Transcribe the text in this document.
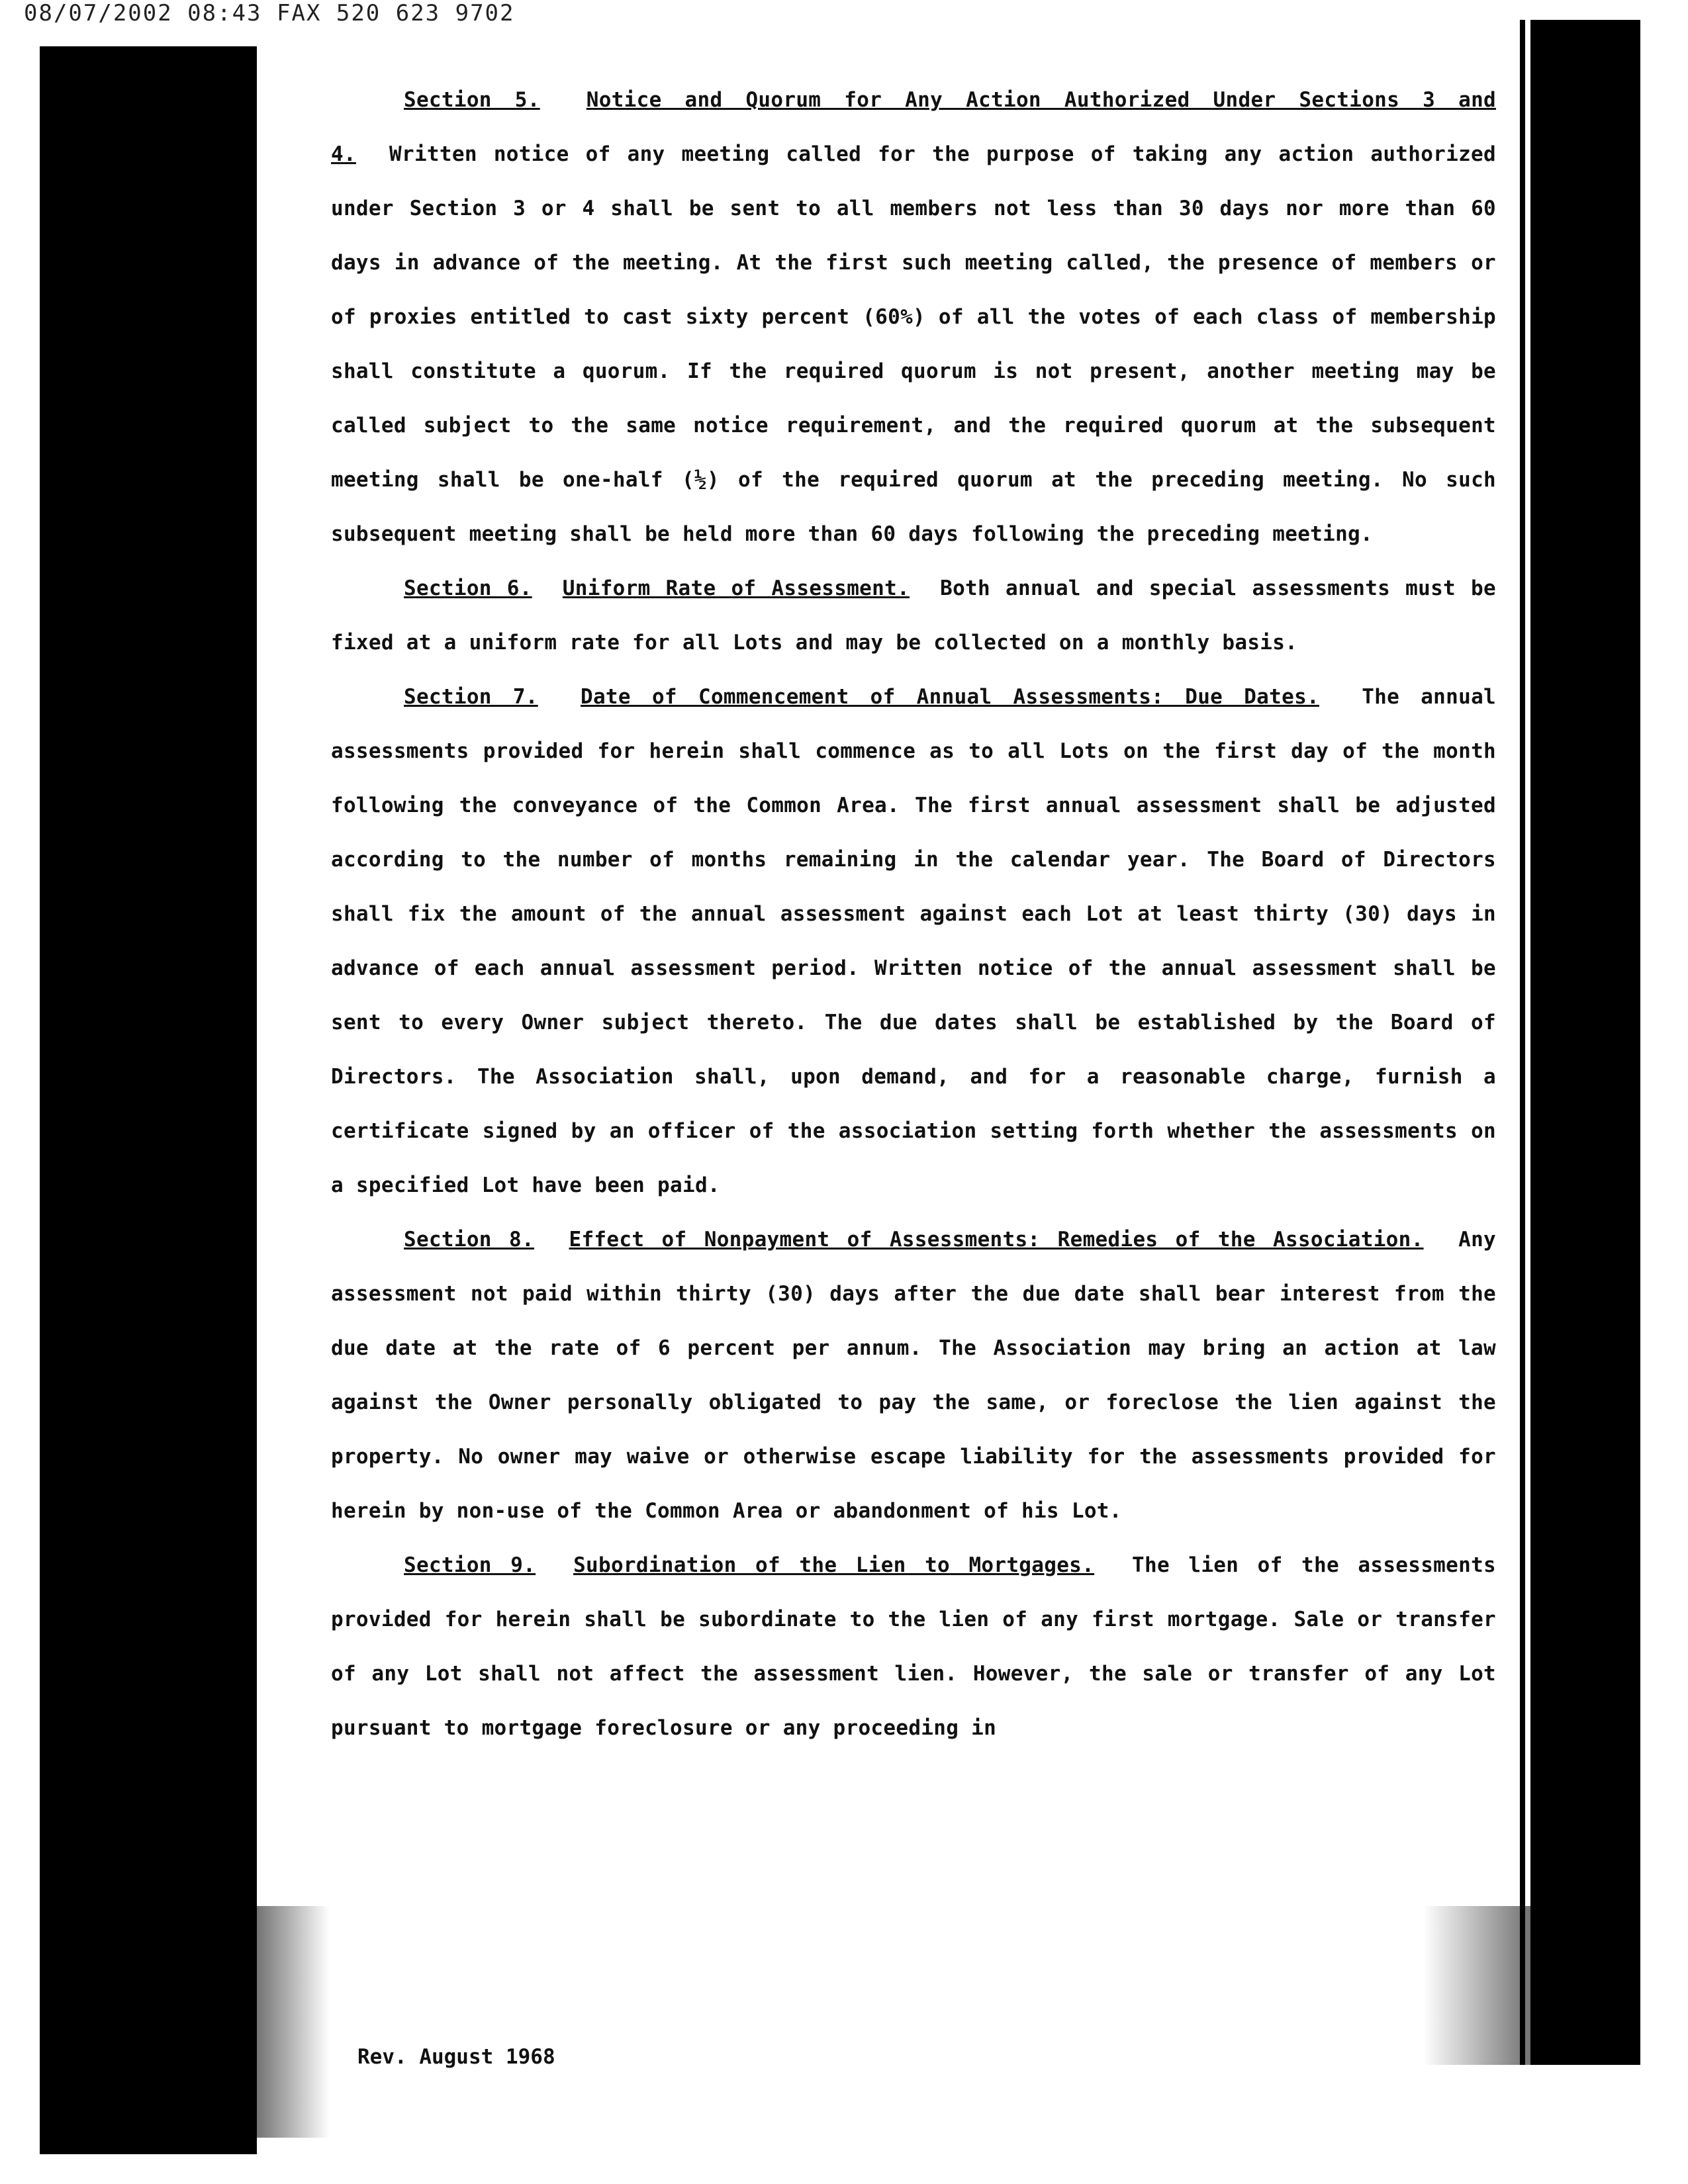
08/07/2002 08:43 FAX 520 623 9702

Section 5. Notice and Quorum for Any Action Authorized Under Sections 3 and 4. Written notice of any meeting called for the purpose of taking any action authorized under Section 3 or 4 shall be sent to all members not less than 30 days nor more than 60 days in advance of the meeting. At the first such meeting called, the presence of members or of proxies entitled to cast sixty percent (60%) of all the votes of each class of membership shall constitute a quorum. If the required quorum is not present, another meeting may be called subject to the same notice requirement, and the required quorum at the subsequent meeting shall be one-half (½) of the required quorum at the preceding meeting. No such subsequent meeting shall be held more than 60 days following the preceding meeting.

Section 6. Uniform Rate of Assessment. Both annual and special assessments must be fixed at a uniform rate for all Lots and may be collected on a monthly basis.

Section 7. Date of Commencement of Annual Assessments: Due Dates. The annual assessments provided for herein shall commence as to all Lots on the first day of the month following the conveyance of the Common Area. The first annual assessment shall be adjusted according to the number of months remaining in the calendar year. The Board of Directors shall fix the amount of the annual assessment against each Lot at least thirty (30) days in advance of each annual assessment period. Written notice of the annual assessment shall be sent to every Owner subject thereto. The due dates shall be established by the Board of Directors. The Association shall, upon demand, and for a reasonable charge, furnish a certificate signed by an officer of the association setting forth whether the assessments on a specified Lot have been paid.

Section 8. Effect of Nonpayment of Assessments: Remedies of the Association. Any assessment not paid within thirty (30) days after the due date shall bear interest from the due date at the rate of 6 percent per annum. The Association may bring an action at law against the Owner personally obligated to pay the same, or foreclose the lien against the property. No owner may waive or otherwise escape liability for the assessments provided for herein by non-use of the Common Area or abandonment of his Lot.

Section 9. Subordination of the Lien to Mortgages. The lien of the assessments provided for herein shall be subordinate to the lien of any first mortgage. Sale or transfer of any Lot shall not affect the assessment lien. However, the sale or transfer of any Lot pursuant to mortgage foreclosure or any proceeding in

Rev. August 1968
